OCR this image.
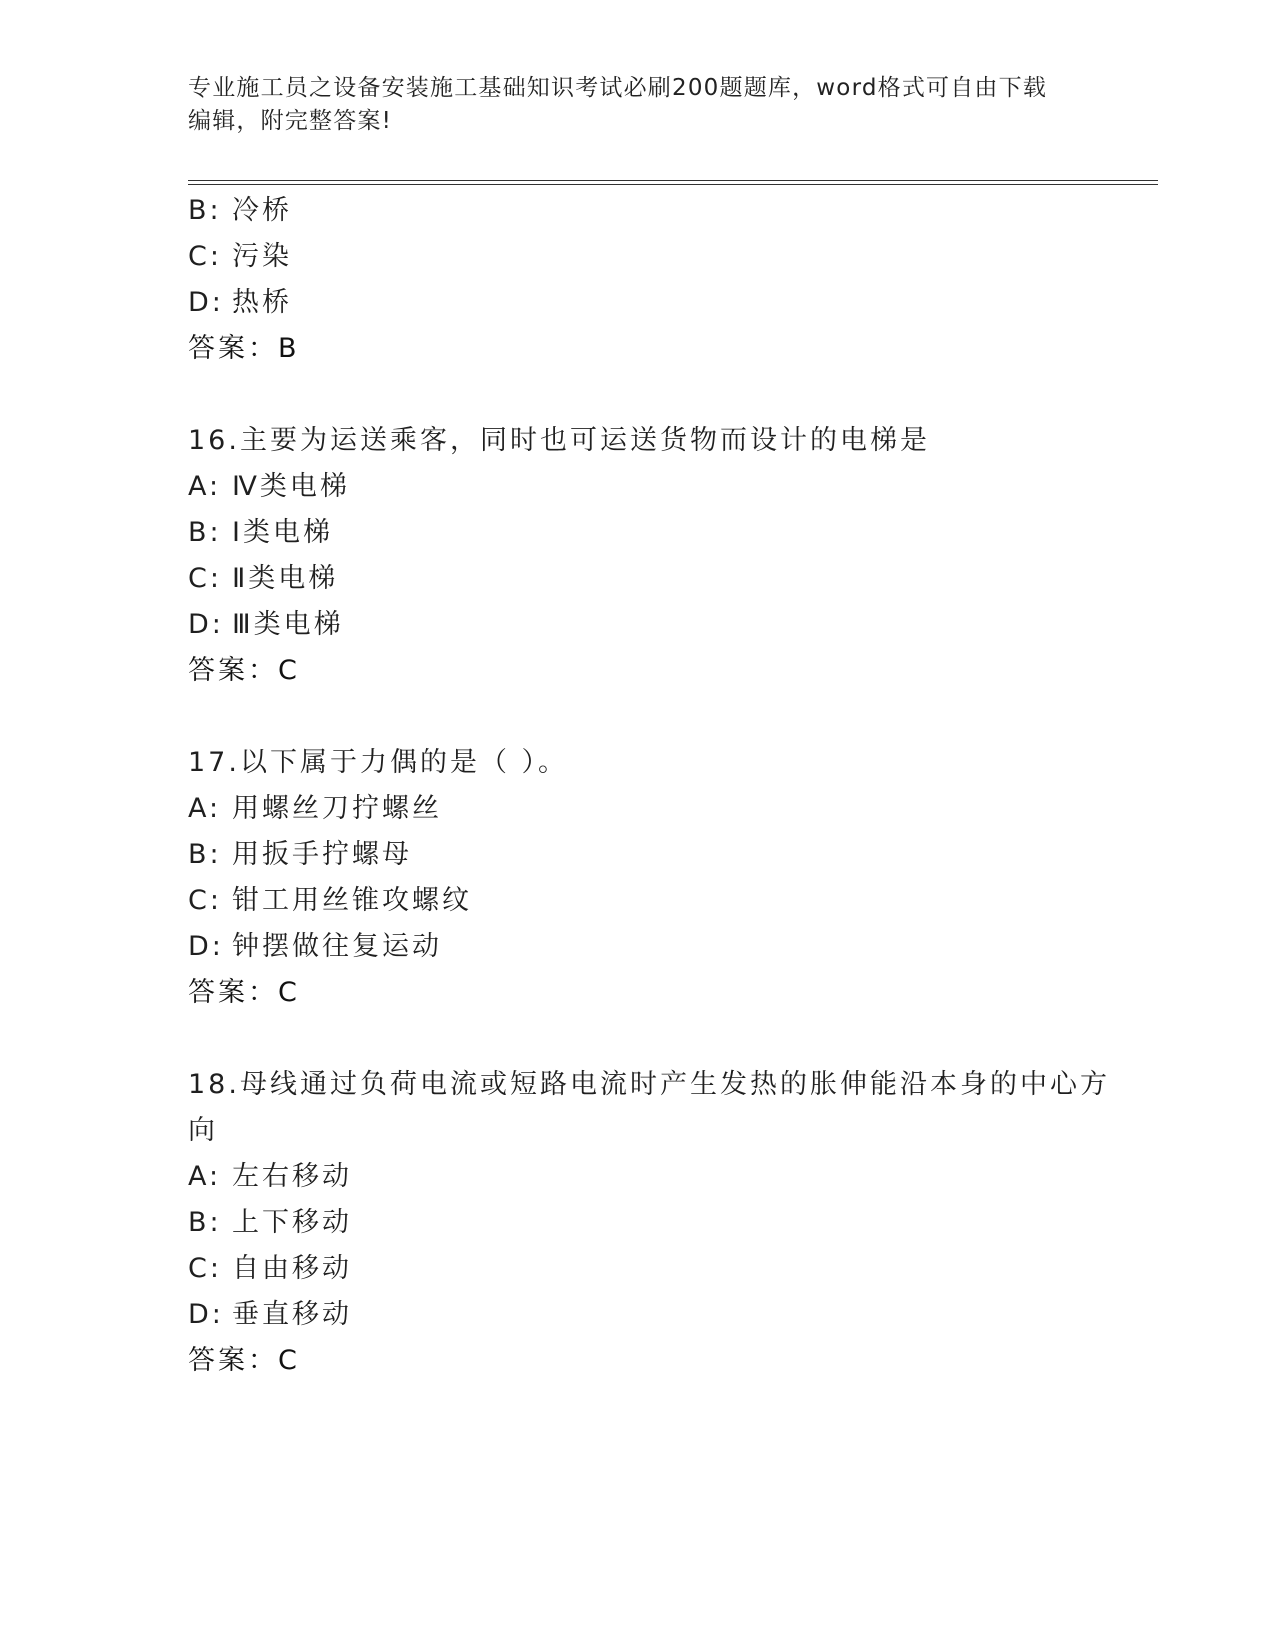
专业施工员之设备安装施工基础知识考试必刷200题题库，word格式可自由下载
编辑，附完整答案!
B: 冷桥
C: 污染
D: 热桥
答案：B
16.主要为运送乘客，同时也可运送货物而设计的电梯是
A: Ⅳ类电梯
B: Ⅰ类电梯
C: Ⅱ类电梯
D: Ⅲ类电梯
答案：C
17.以下属于力偶的是（ ）。
A: 用螺丝刀拧螺丝
B: 用扳手拧螺母
C: 钳工用丝锥攻螺纹
D: 钟摆做往复运动
答案：C
18.母线通过负荷电流或短路电流时产生发热的胀伸能沿本身的中心方
向
A: 左右移动
B: 上下移动
C: 自由移动
D: 垂直移动
答案：C
